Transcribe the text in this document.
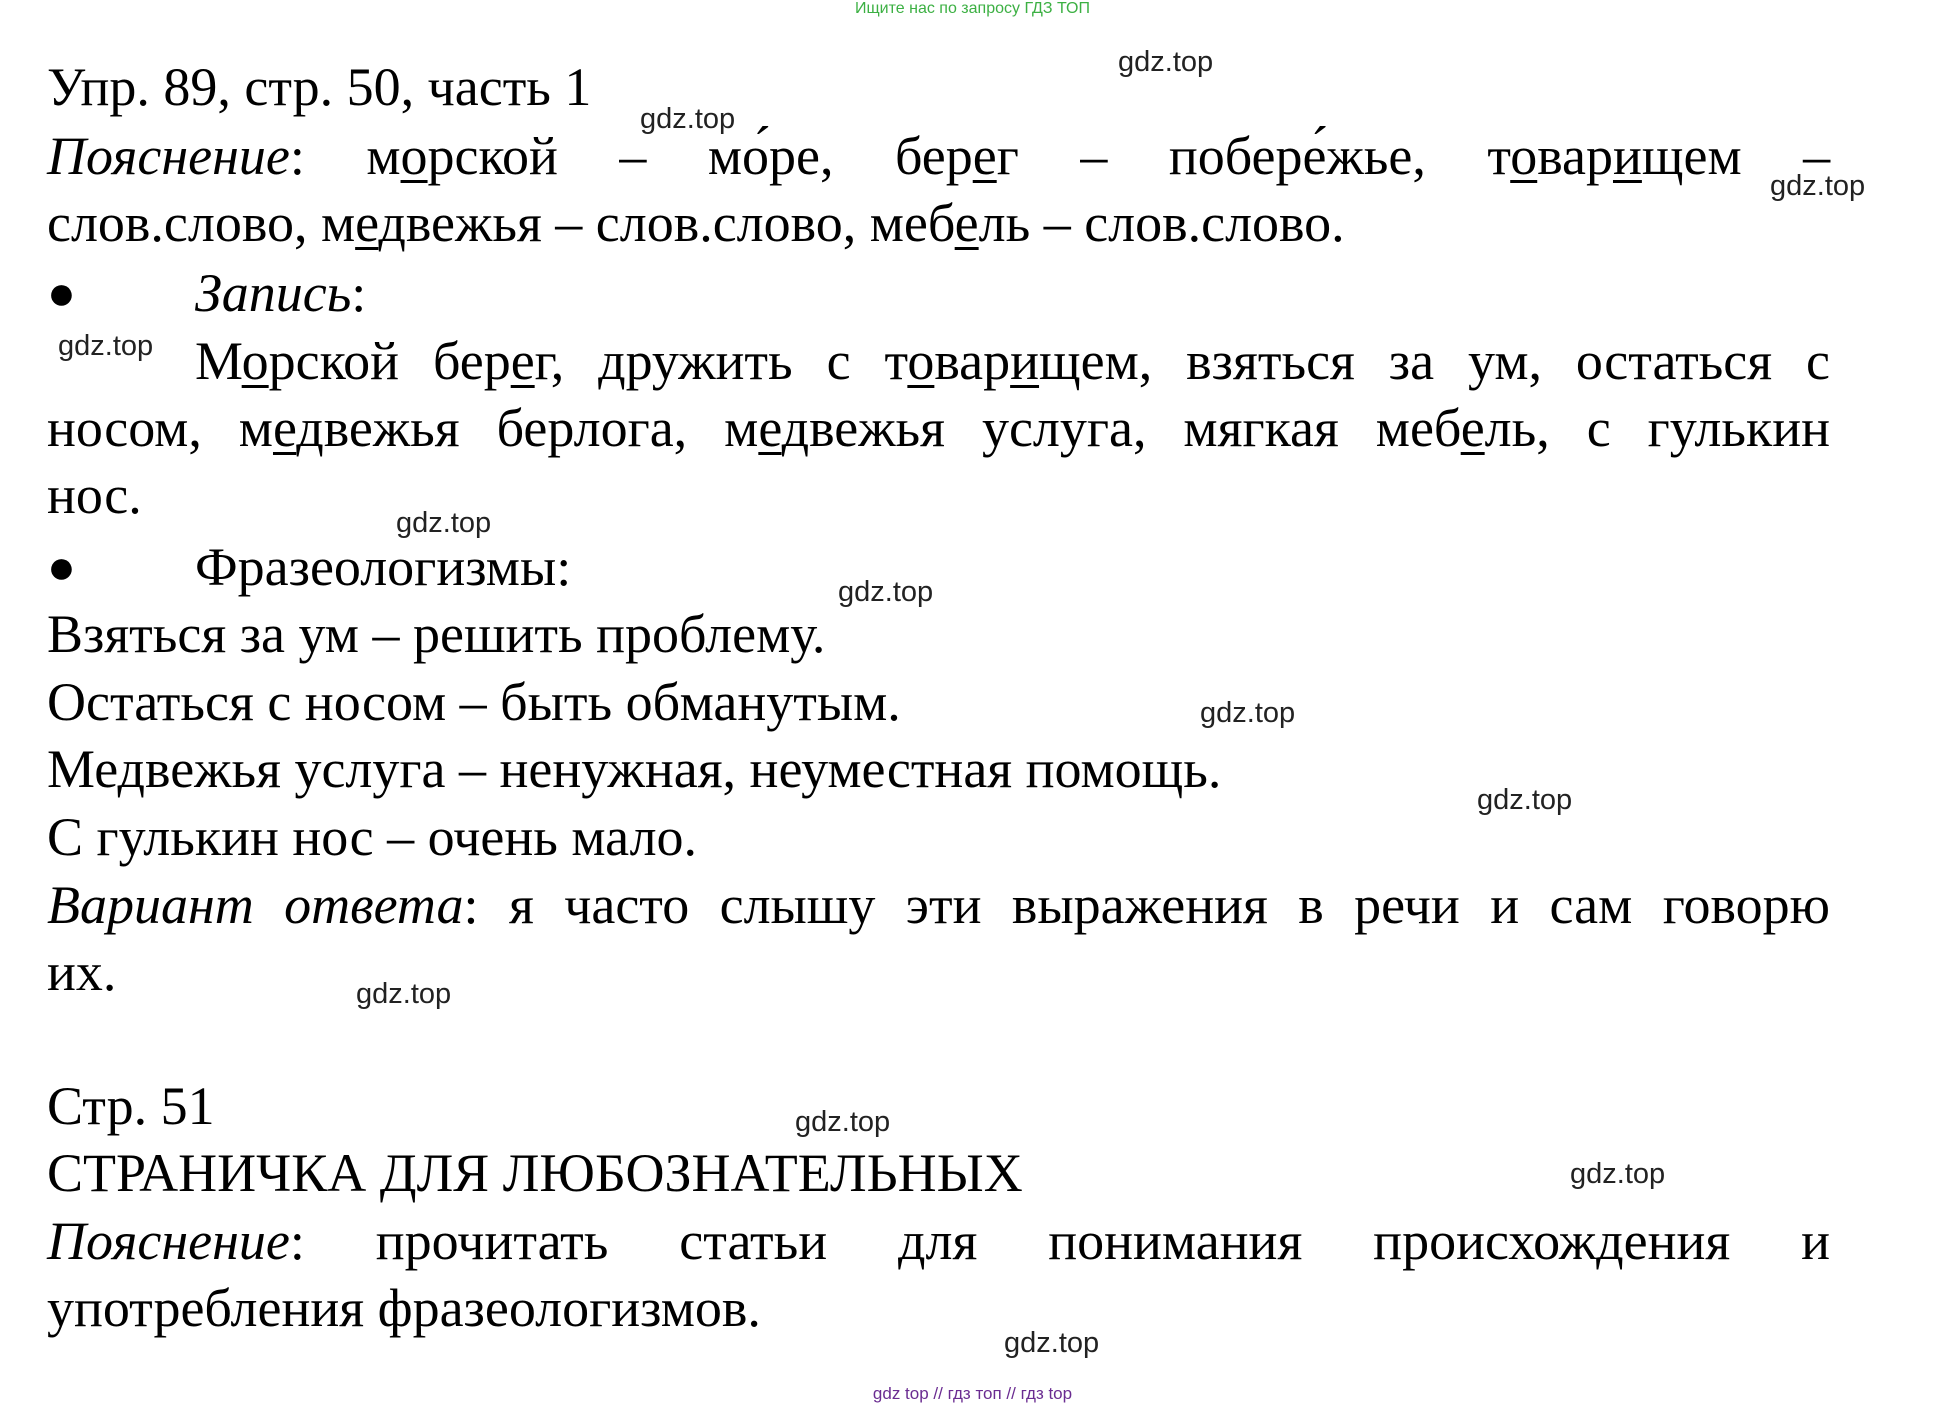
Ищите нас по запросу ГДЗ ТОП
gdz.top
gdz.top
gdz.top
gdz.top
gdz.top
gdz.top
gdz.top
gdz.top
gdz.top
gdz.top
gdz.top
gdz.top
Упр. 89, стр. 50, часть 1
Пояснение: морской – мо́ре, берег – побере́жье, товарищем –
слов.слово, медвежья – слов.слово, мебель – слов.слово.
● Запись:
Морской берег, дружить с товарищем, взяться за ум, остаться с
носом, медвежья берлога, медвежья услуга, мягкая мебель, с гулькин
нос.
● Фразеологизмы:
Взяться за ум – решить проблему.
Остаться с носом – быть обманутым.
Медвежья услуга – ненужная, неуместная помощь.
С гулькин нос – очень мало.
Вариант ответа: я часто слышу эти выражения в речи и сам говорю
их.
Стр. 51
СТРАНИЧКА ДЛЯ ЛЮБОЗНАТЕЛЬНЫХ
Пояснение: прочитать статьи для понимания происхождения и
употребления фразеологизмов.
gdz top // гдз топ // гдз top
